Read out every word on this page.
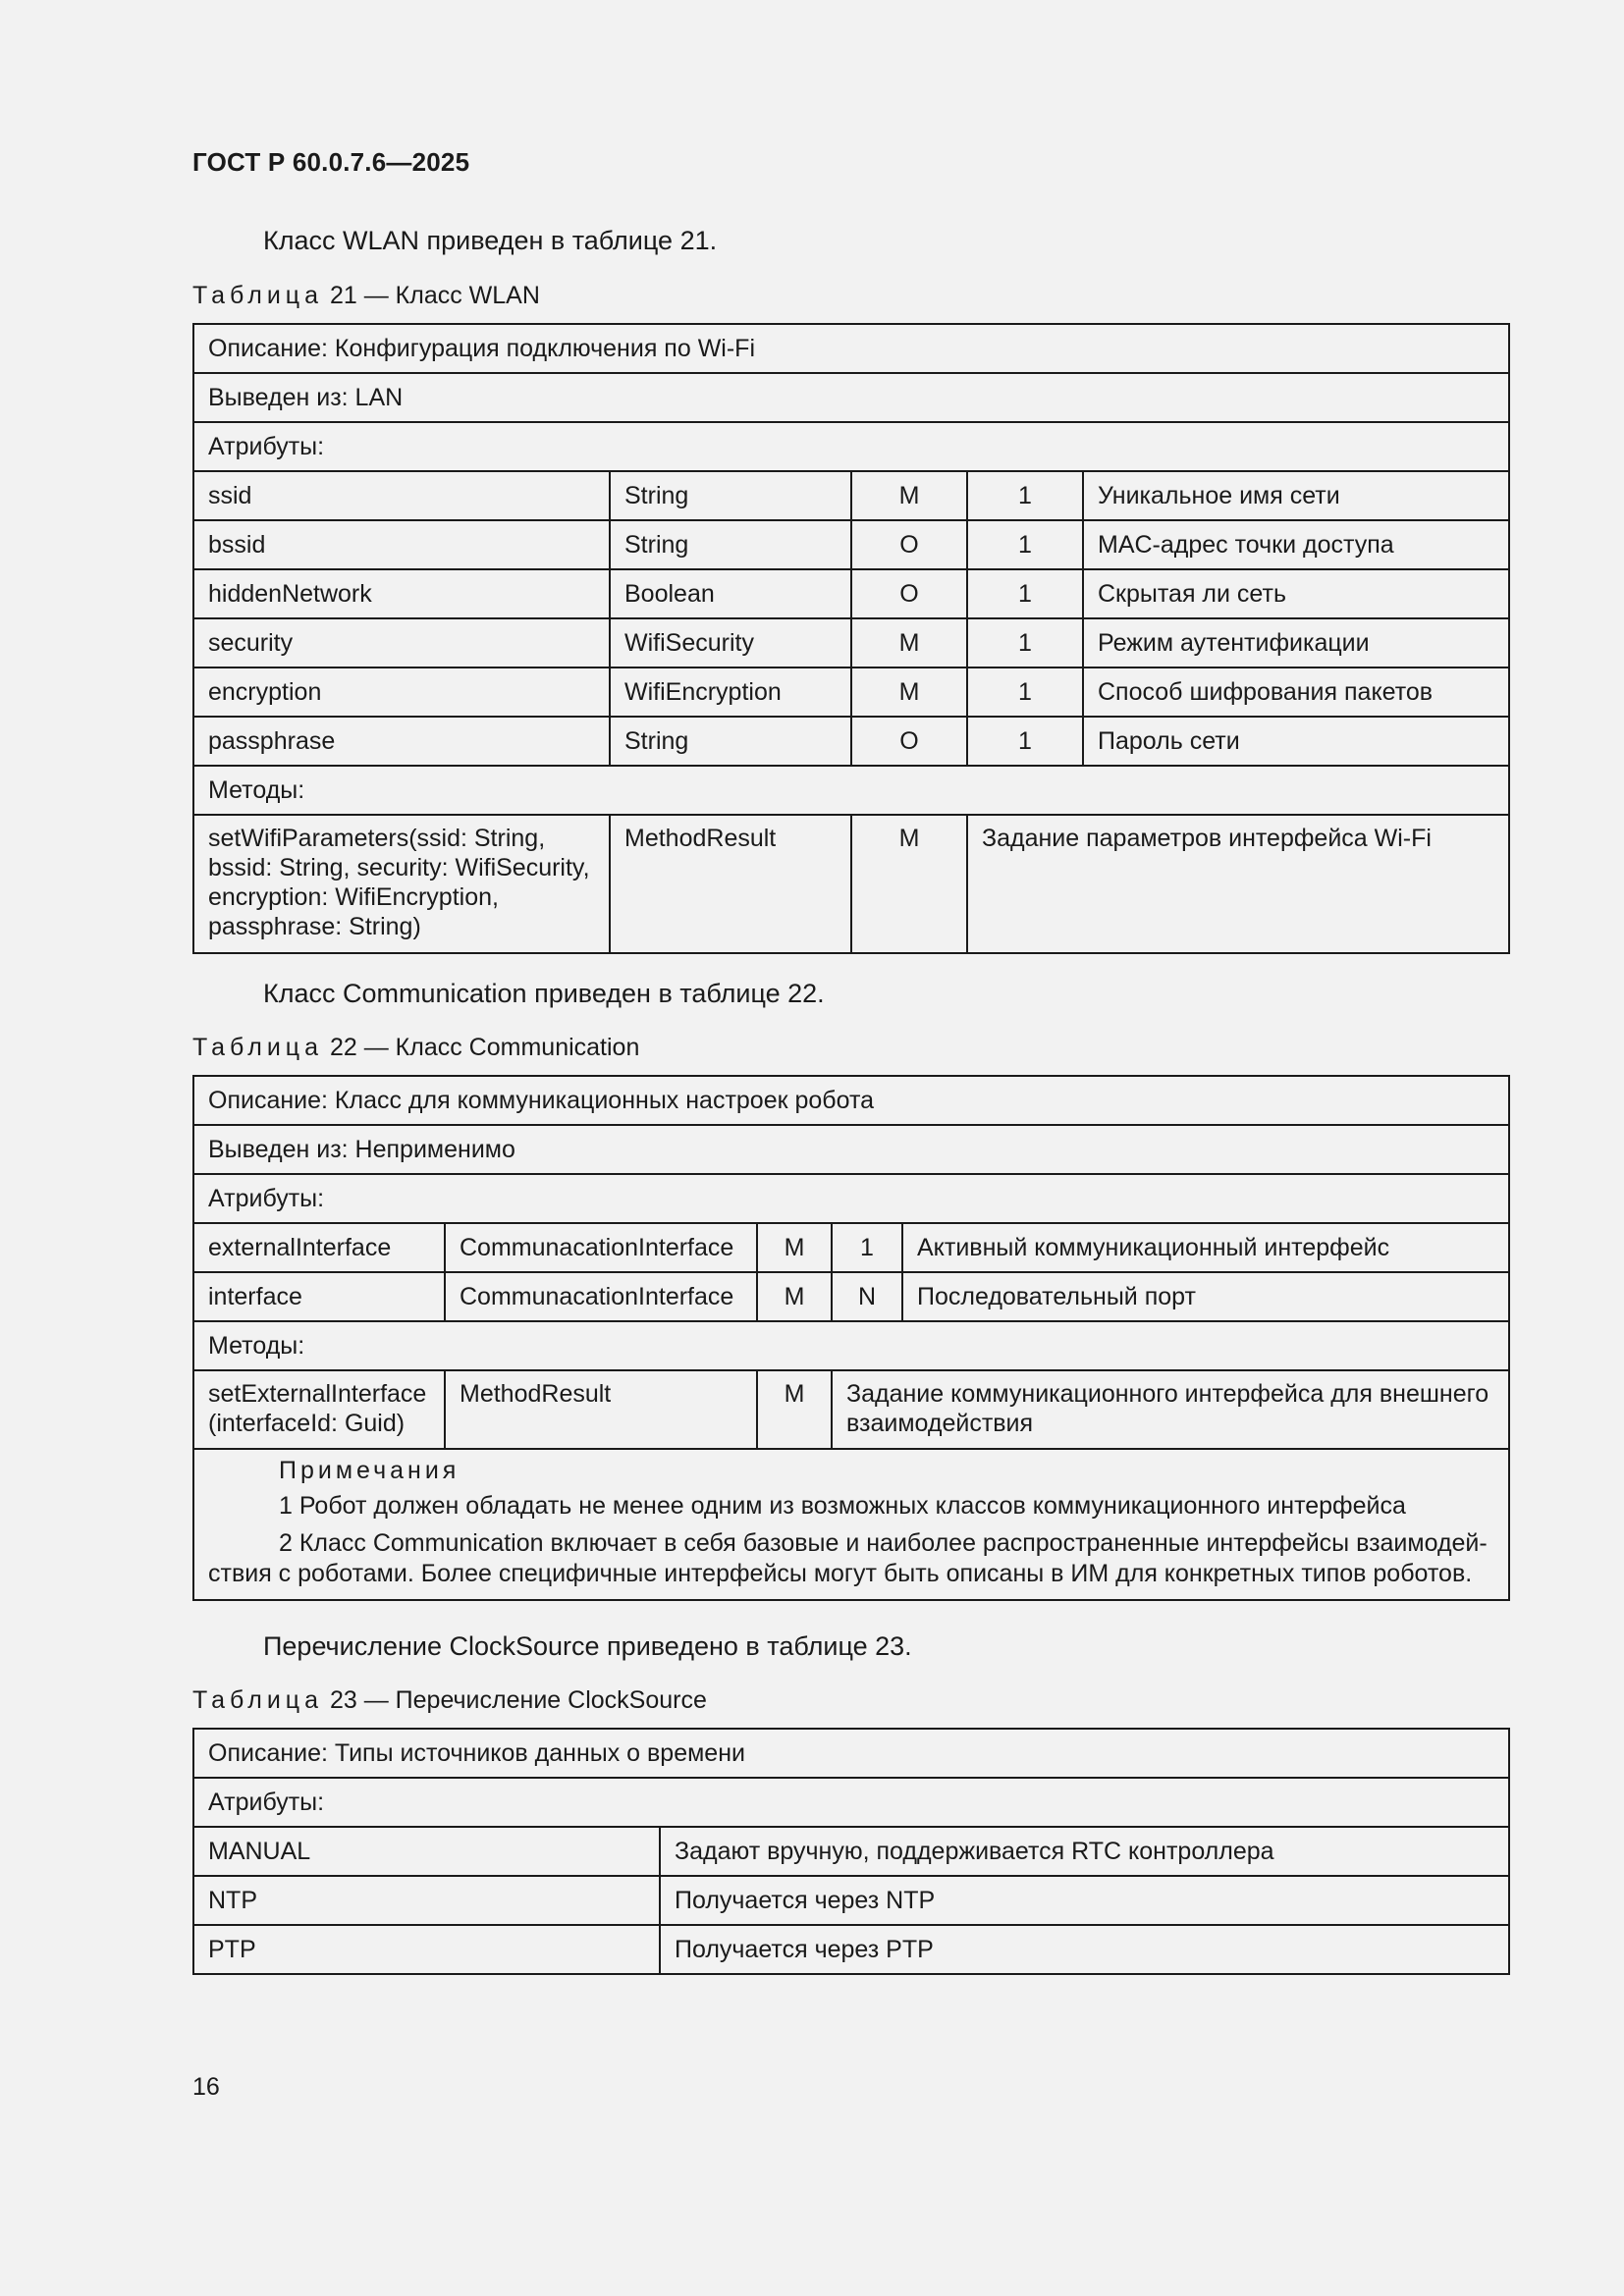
ГОСТ Р 60.0.7.6—2025
Класс WLAN приведен в таблице 21.
Таблица 21 — Класс WLAN
Описание: Конфигурация подключения по Wi-Fi				
Выведен из: LAN				
Атрибуты:				
ssid	String	M	1	Уникальное имя сети
bssid	String	O	1	MAC-адрес точки доступа
hiddenNetwork	Boolean	O	1	Скрытая ли сеть
security	WifiSecurity	M	1	Режим аутентификации
encryption	WifiEncryption	M	1	Способ шифрования пакетов
passphrase	String	O	1	Пароль сети
Методы:				
setWifiParameters(ssid: String, bssid: String, security: WifiSecurity, encryption: WifiEncryption, passphrase: String)	MethodResult	M	Задание параметров интерфейса Wi-Fi	
Класс Communication приведен в таблице 22.
Таблица 22 — Класс Communication
Описание: Класс для коммуникационных настроек робота				
Выведен из: Неприменимо				
Атрибуты:				
externalInterface	CommunacationInterface	M	1	Активный коммуникационный интерфейс
interface	CommunacationInterface	M	N	Последовательный порт
Методы:				
setExternalInterface (interfaceId: Guid)	MethodResult	M	Задание коммуникационного интерфейса для внешнего взаимодействия	

Примечания
1 Робот должен обладать не менее одним из возможных классов коммуникационного интерфейса
2 Класс Communication включает в себя базовые и наиболее распространенные интерфейсы взаимодей-ствия с роботами. Более специфичные интерфейсы могут быть описаны в ИМ для конкретных типов роботов.				
Перечисление ClockSource приведено в таблице 23.
Таблица 23 — Перечисление ClockSource
Описание: Типы источников данных о времени	
Атрибуты:	
MANUAL	Задают вручную, поддерживается RTC контроллера
NTP	Получается через NTP
PTP	Получается через PTP
16
